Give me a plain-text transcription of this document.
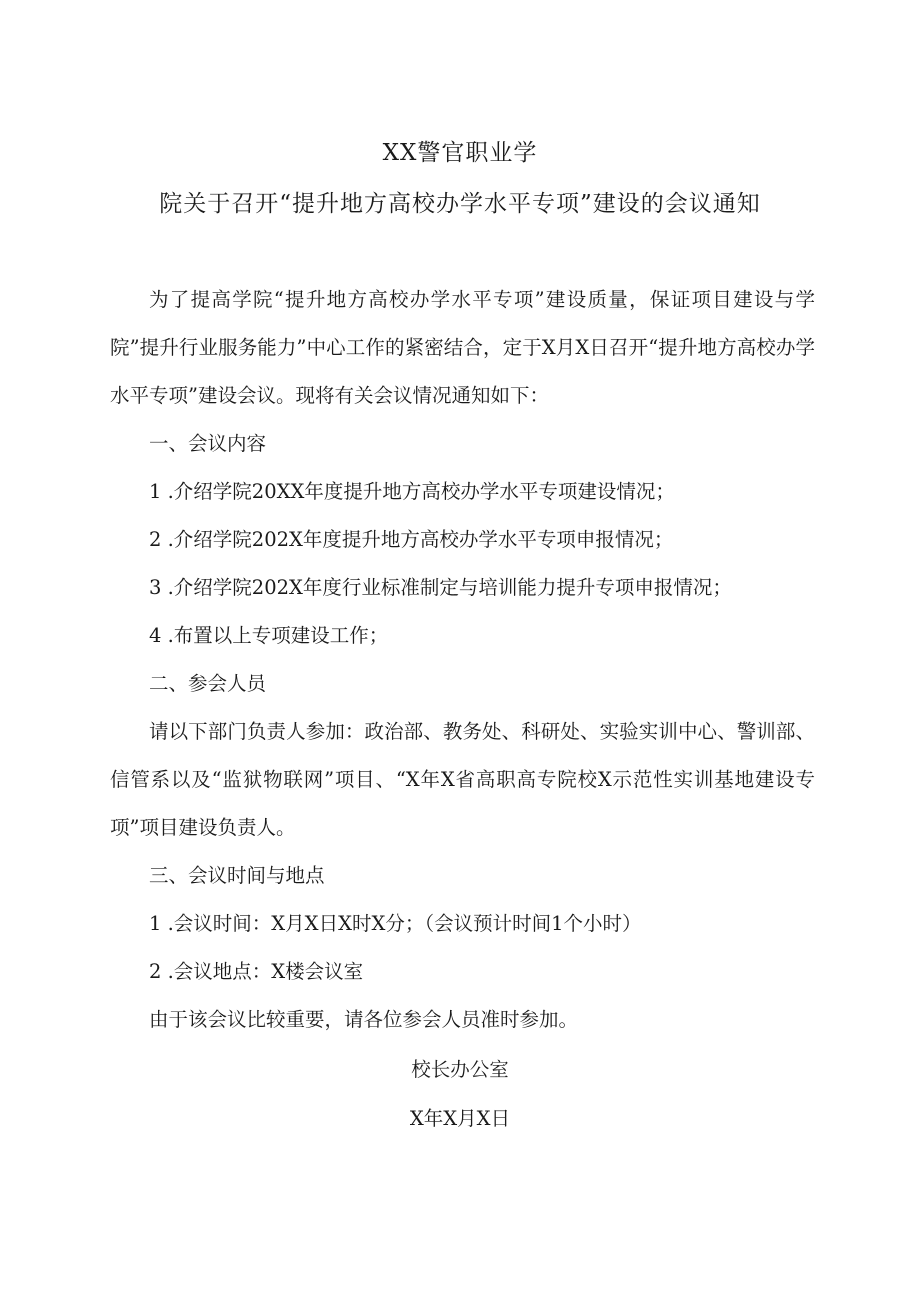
XX警官职业学
院关于召开“提升地方高校办学水平专项”建设的会议通知

为了提高学院“提升地方高校办学水平专项”建设质量，保证项目建设与学院”提升行业服务能力”中心工作的紧密结合，定于X月X日召开“提升地方高校办学水平专项”建设会议。现将有关会议情况通知如下：

一、会议内容

1 .介绍学院20XX年度提升地方高校办学水平专项建设情况；

2 .介绍学院202X年度提升地方高校办学水平专项申报情况；

3 .介绍学院202X年度行业标准制定与培训能力提升专项申报情况；

4 .布置以上专项建设工作；

二、参会人员

请以下部门负责人参加：政治部、教务处、科研处、实验实训中心、警训部、信管系以及“监狱物联网”项目、“X年X省高职高专院校X示范性实训基地建设专项”项目建设负责人。

三、会议时间与地点

1 .会议时间：X月X日X时X分；（会议预计时间1个小时）

2 .会议地点：X楼会议室

由于该会议比较重要，请各位参会人员准时参加。

校长办公室
X年X月X日
